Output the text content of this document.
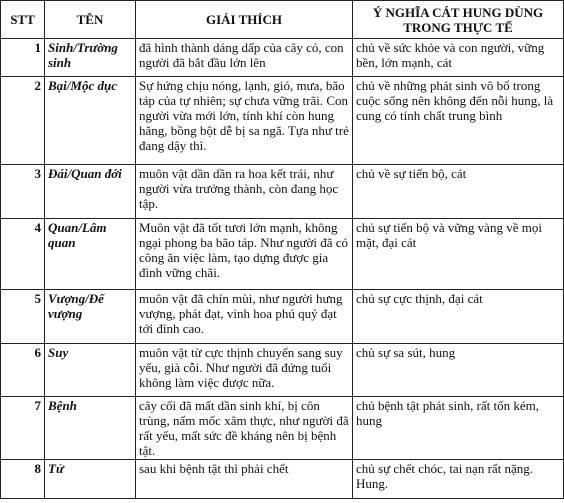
STT	TÊN	GIẢI THÍCH	Ý NGHĨA CÁT HUNG DÙNG
TRONG THỰC TẾ
1	Sinh/Trường sinh	đã hình thành dáng dấp của cây cỏ, con người đã bắt đầu lớn lên	chủ về sức khỏe và con người, vững bền, lớn mạnh, cát
2	Bại/Mộc dục	Sự hứng chịu nóng, lạnh, gió, mưa, bão táp của tự nhiên; sự chưa vững trãi. Con người vừa mới lớn, tính khí còn hung hăng, bồng bột dễ bị sa ngã. Tựa như trẻ đang dậy thì.	chủ về những phát sinh vô bổ trong cuộc sống nên không đến nỗi hung, là cung có tính chất trung bình
3	Đái/Quan đới	muôn vật dần dần ra hoa kết trái, như người vừa trưởng thành, còn đang học tập.	chủ về sự tiến bộ, cát
4	Quan/Lâm quan	Muôn vật đã tốt tươi lớn mạnh, không ngại phong ba bão táp. Như người đã có công ăn việc làm, tạo dựng được gia đình vững chãi.	chủ sự tiến bộ và vững vàng về mọi mặt, đại cát
5	Vượng/Đế vượng	muôn vật đã chín mùi, như người hưng vượng, phát đạt, vinh hoa phú quý đạt tới đỉnh cao.	chủ sự cực thịnh, đại cát
6	Suy	muôn vật từ cực thịnh chuyển sang suy yếu, già cỗi. Như người đã đứng tuổi không làm việc được nữa.	chủ sự sa sút, hung
7	Bệnh	cây cối đã mất dần sinh khí, bị côn trùng, nấm mốc xâm thực, như người đã rất yếu, mất sức đề kháng nên bị bệnh tật.	chủ bệnh tật phát sinh, rất tốn kém, hung
8	Tử	sau khi bệnh tật thì phải chết	chủ sự chết chóc, tai nạn rất nặng. Hung.
